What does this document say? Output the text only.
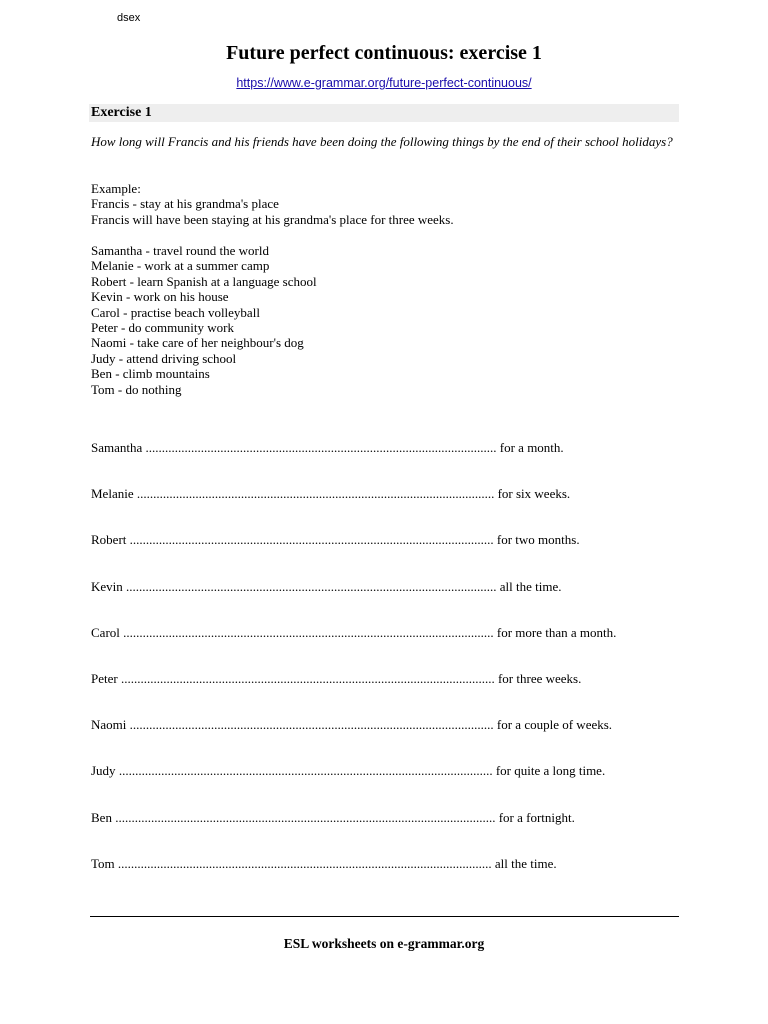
dsex
Future perfect continuous: exercise 1
https://www.e-grammar.org/future-perfect-continuous/
Exercise 1
How long will Francis and his friends have been doing the following things by the end of their school holidays?
Example:
Francis - stay at his grandma's place
Francis will have been staying at his grandma's place for three weeks.
Samantha - travel round the world
Melanie - work at a summer camp
Robert - learn Spanish at a language school
Kevin - work on his house
Carol - practise beach volleyball
Peter - do community work
Naomi - take care of her neighbour's dog
Judy - attend driving school
Ben - climb mountains
Tom - do nothing
Samantha ............................................................................................................ for a month.
Melanie .............................................................................................................. for six weeks.
Robert ................................................................................................................ for two months.
Kevin .................................................................................................................. all the time.
Carol .................................................................................................................. for more than a month.
Peter ................................................................................................................... for three weeks.
Naomi ................................................................................................................ for a couple of weeks.
Judy ................................................................................................................... for quite a long time.
Ben ..................................................................................................................... for a fortnight.
Tom ................................................................................................................... all the time.
ESL worksheets on e-grammar.org
